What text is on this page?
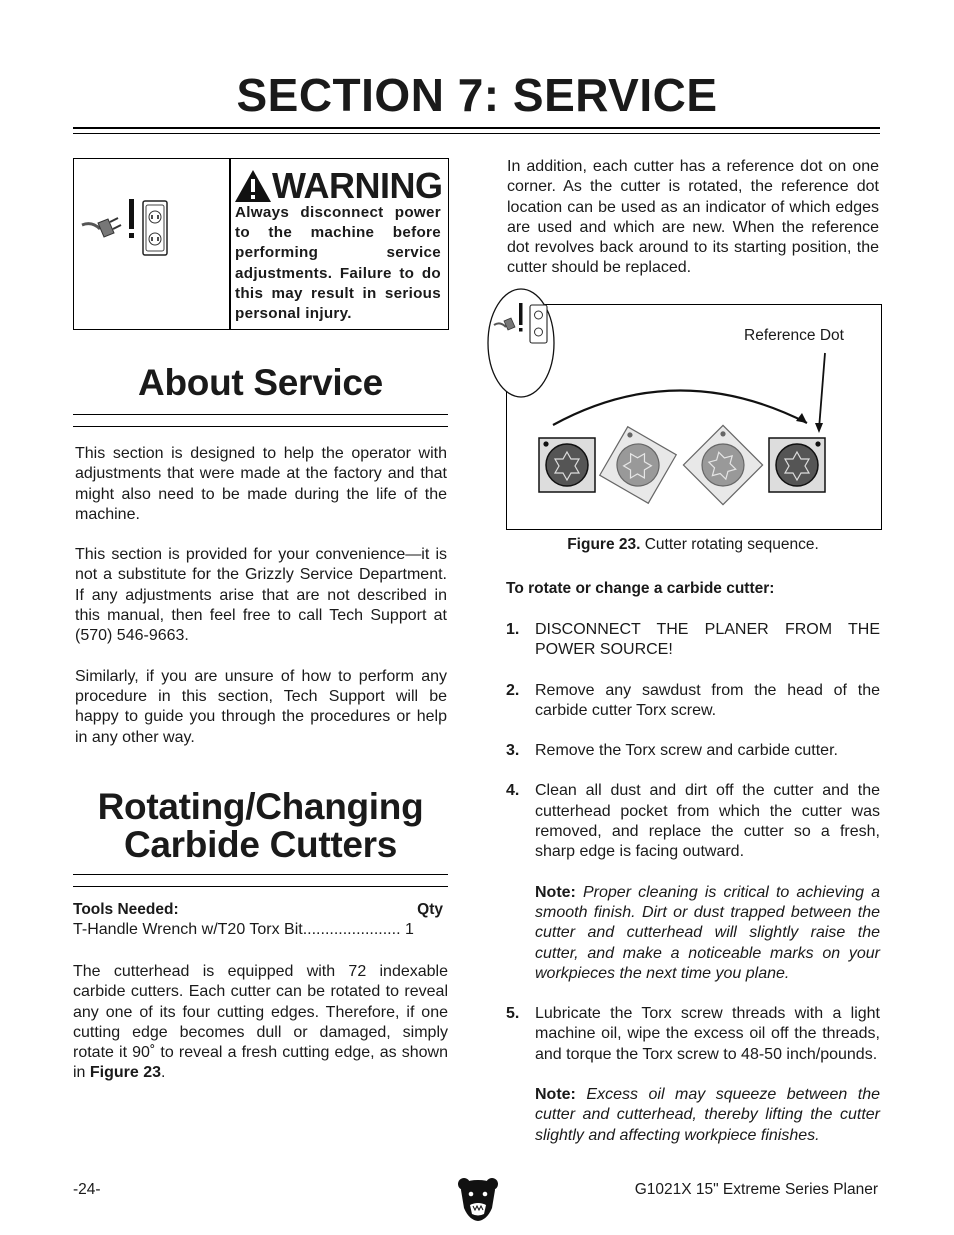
SECTION 7: SERVICE
WARNING
Always disconnect power to the machine before performing service adjustments. Failure to do this may result in serious personal injury.
About Service

This section is designed to help the operator with adjustments that were made at the factory and that might also need to be made during the life of the machine.

This section is provided for your convenience—it is not a substitute for the Grizzly Service Department. If any adjustments arise that are not described in this manual, then feel free to call Tech Support at (570) 546-9663.

Similarly, if you are unsure of how to perform any procedure in this section, Tech Support will be happy to guide you through the procedures or help in any other way.

Rotating/Changing
Carbide Cutters
Tools Needed:	Qty
T-Handle Wrench w/T20 Torx Bit...................... 1
The cutterhead is equipped with 72 indexable carbide cutters. Each cutter can be rotated to reveal any one of its four cutting edges. Therefore, if one cutting edge becomes dull or damaged, simply rotate it 90˚ to reveal a fresh cutting edge, as shown in Figure 23.
In addition, each cutter has a reference dot on one corner. As the cutter is rotated, the reference dot location can be used as an indicator of which edges are used and which are new. When the reference dot revolves back around to its starting position, the cutter should be replaced.
Reference Dot
Figure 23. Cutter rotating sequence.
To rotate or change a carbide cutter:
1. DISCONNECT THE PLANER FROM THE POWER SOURCE!
2. Remove any sawdust from the head of the carbide cutter Torx screw.
3. Remove the Torx screw and carbide cutter.
4. Clean all dust and dirt off the cutter and the cutterhead pocket from which the cutter was removed, and replace the cutter so a fresh, sharp edge is facing outward.
Note: Proper cleaning is critical to achieving a smooth finish. Dirt or dust trapped between the cutter and cutterhead will slightly raise the cutter, and make a noticeable marks on your workpieces the next time you plane.
5. Lubricate the Torx screw threads with a light machine oil, wipe the excess oil off the threads, and torque the Torx screw to 48-50 inch/pounds.
Note: Excess oil may squeeze between the cutter and cutterhead, thereby lifting the cutter slightly and affecting workpiece finishes.
-24-	G1021X 15" Extreme Series Planer
